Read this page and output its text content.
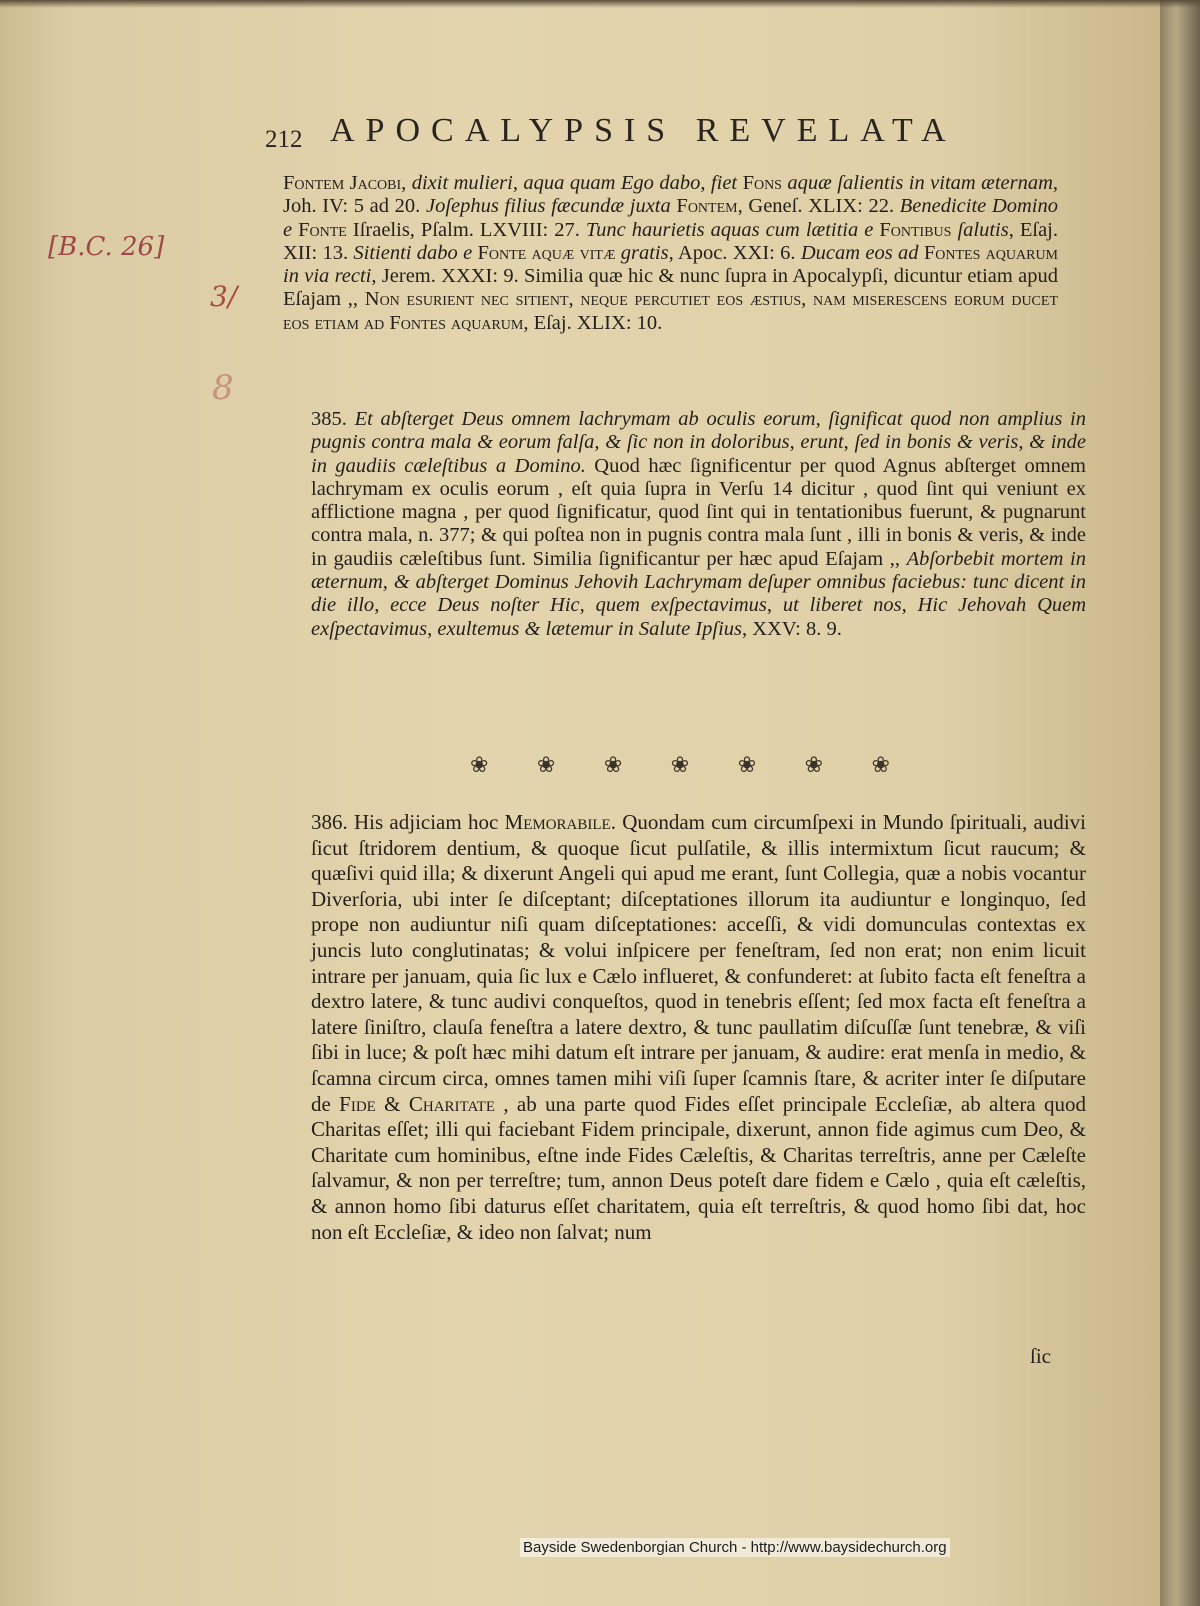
212 APOCALYPSIS REVELATA
[B.C. 26]
3/
8

Fontem Jacobi, dixit mulieri, aqua quam Ego dabo, fiet Fons aquæ ſalientis in vitam æternam, Joh. IV: 5 ad 20. Joſephus filius fæcundæ juxta Fontem, Geneſ. XLIX: 22. Benedicite Domino e Fonte Iſraelis, Pſalm. LXVIII: 27. Tunc haurietis aquas cum lætitia e Fontibus ſalutis, Eſaj. XII: 13. Sitienti dabo e Fonte aquæ vitæ gratis, Apoc. XXI: 6. Ducam eos ad Fontes aquarum in via recti, Jerem. XXXI: 9. Similia quæ hic & nunc ſupra in Apocalypſi, dicuntur etiam apud Eſajam ,, Non esurient nec sitient, neque percutiet eos æstius, nam miserescens eorum ducet eos etiam ad Fontes aquarum, Eſaj. XLIX: 10.

385. Et abſterget Deus omnem lachrymam ab oculis eorum, ſignificat quod non amplius in pugnis contra mala & eorum falſa, & ſic non in doloribus, erunt, ſed in bonis & veris, & inde in gaudiis cæleſtibus a Domino. Quod hæc ſignificentur per quod Agnus abſterget omnem lachrymam ex oculis eorum , eſt quia ſupra in Verſu 14 dicitur , quod ſint qui veniunt ex afflictione magna , per quod ſignificatur, quod ſint qui in tentationibus fuerunt, & pugnarunt contra mala, n. 377; & qui poſtea non in pugnis contra mala ſunt , illi in bonis & veris, & inde in gaudiis cæleſtibus ſunt. Similia ſignificantur per hæc apud Eſajam ,, Abſorbebit mortem in æternum, & abſterget Dominus Jehovih Lachrymam deſuper omnibus faciebus: tunc dicent in die illo, ecce Deus noſter Hic, quem exſpectavimus, ut liberet nos, Hic Jehovah Quem exſpectavimus, exultemus & lætemur in Salute Ipſius, XXV: 8. 9.

❀ ❀ ❀ ❀ ❀ ❀ ❀

386. His adjiciam hoc Memorabile. Quondam cum circumſpexi in Mundo ſpirituali, audivi ſicut ſtridorem dentium, & quoque ſicut pulſatile, & illis intermixtum ſicut raucum; & quæſivi quid illa; & dixerunt Angeli qui apud me erant, ſunt Collegia, quæ a nobis vocantur Diverſoria, ubi inter ſe diſceptant; diſceptationes illorum ita audiuntur e longinquo, ſed prope non audiuntur niſi quam diſceptationes: acceſſi, & vidi domunculas contextas ex juncis luto conglutinatas; & volui inſpicere per feneſtram, ſed non erat; non enim licuit intrare per januam, quia ſic lux e Cælo influeret, & confunderet: at ſubito facta eſt feneſtra a dextro latere, & tunc audivi conqueſtos, quod in tenebris eſſent; ſed mox facta eſt feneſtra a latere ſiniſtro, clauſa feneſtra a latere dextro, & tunc paullatim diſcuſſæ ſunt tenebræ, & viſi ſibi in luce; & poſt hæc mihi datum eſt intrare per januam, & audire: erat menſa in medio, & ſcamna circum circa, omnes tamen mihi viſi ſuper ſcamnis ſtare, & acriter inter ſe diſputare de Fide & Charitate , ab una parte quod Fides eſſet principale Eccleſiæ, ab altera quod Charitas eſſet; illi qui faciebant Fidem principale, dixerunt, annon fide agimus cum Deo, & Charitate cum hominibus, eſtne inde Fides Cæleſtis, & Charitas terreſtris, anne per Cæleſte ſalvamur, & non per terreſtre; tum, annon Deus poteſt dare fidem e Cælo , quia eſt cæleſtis, & annon homo ſibi daturus eſſet charitatem, quia eſt terreſtris, & quod homo ſibi dat, hoc non eſt Eccleſiæ, & ideo non ſalvat; num

ſic
Bayside Swedenborgian Church - http://www.baysidechurch.org
